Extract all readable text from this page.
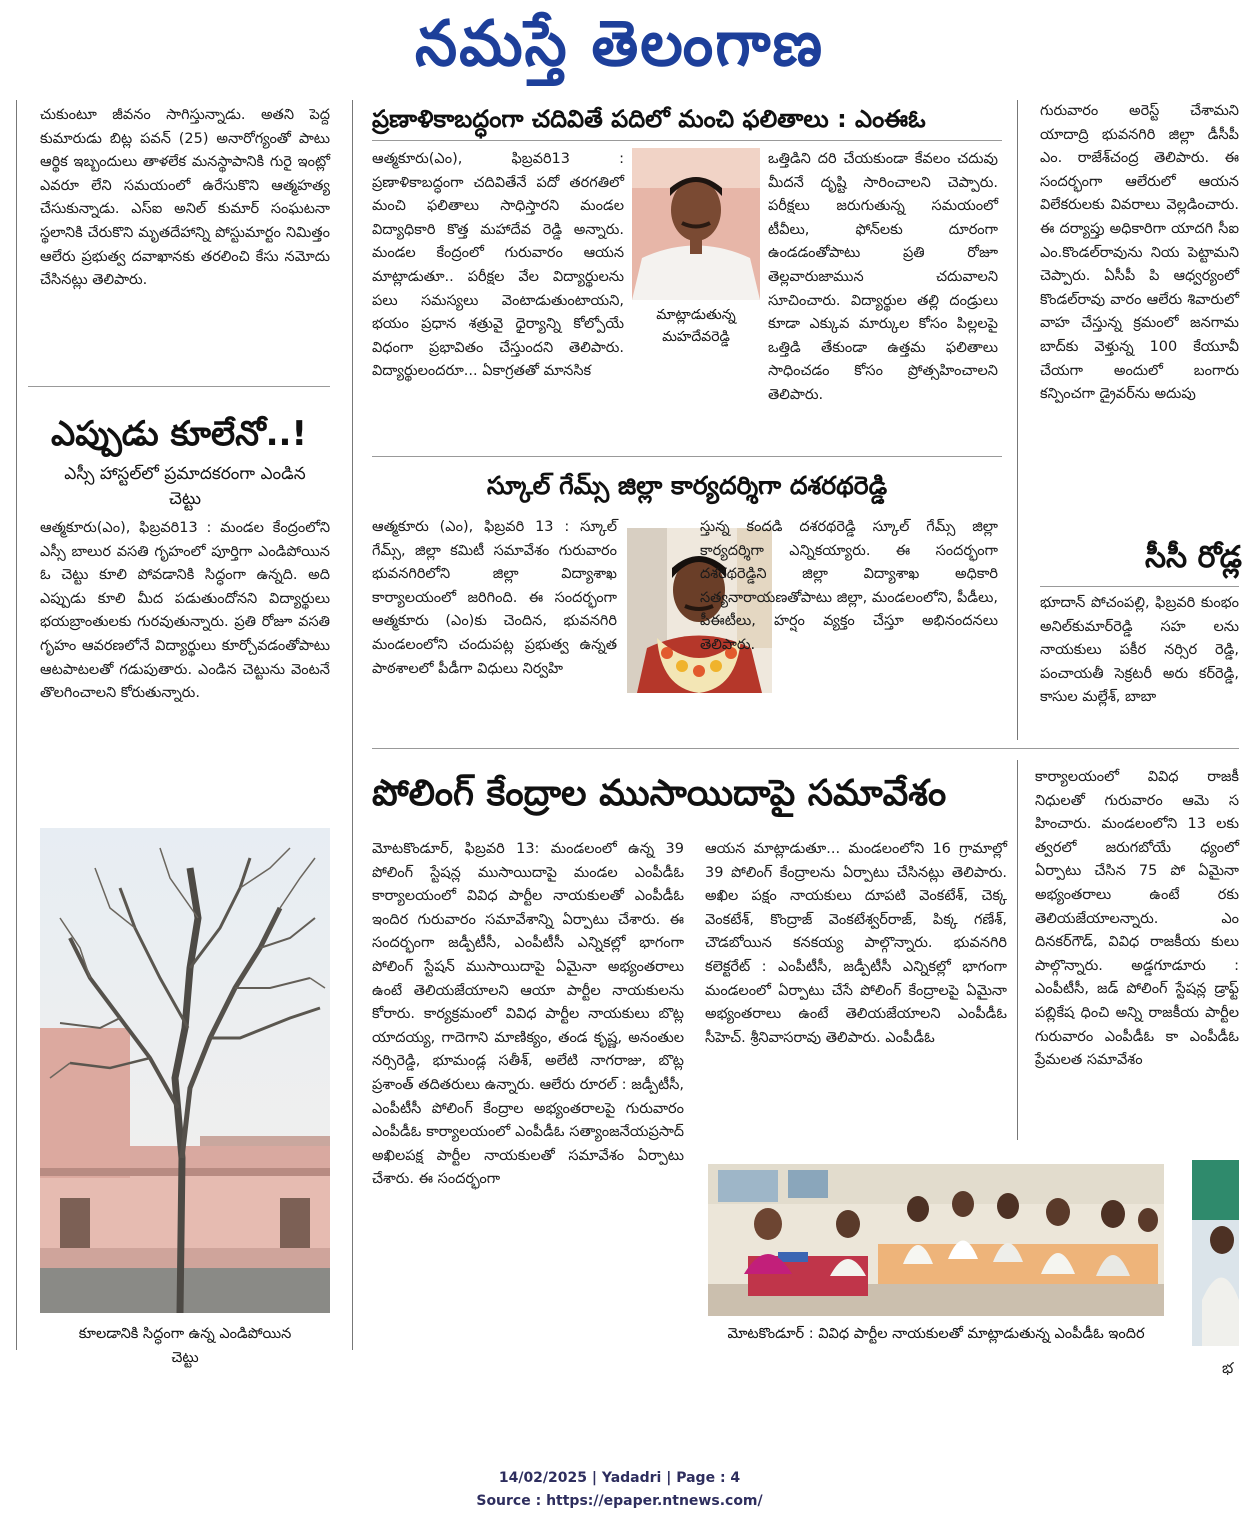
నమస్తే తెలంగాణ
చుకుంటూ జీవనం సాగిస్తున్నాడు. అతని పెద్ద కుమారుడు బిట్ల పవన్ (25) అనారోగ్యంతో పాటు ఆర్థిక ఇబ్బందులు తాళలేక మనస్థాపానికి గురై ఇంట్లో ఎవరూ లేని సమయంలో ఉరేసుకొని ఆత్మహత్య చేసుకున్నాడు. ఎస్ఐ అనిల్ కుమార్ సంఘటనా స్థలానికి చేరుకొని మృతదేహాన్ని పోస్టుమార్టం నిమిత్తం ఆలేరు ప్రభుత్వ దవాఖానకు తరలించి కేసు నమోదు చేసినట్లు తెలిపారు.
ఎప్పుడు కూలేనో..!
ఎస్సీ హాస్టల్‌లో ప్రమాదకరంగా ఎండిన చెట్టు
ఆత్మకూరు(ఎం), ఫిబ్రవరి13 : మండల కేంద్రంలోని ఎస్సీ బాలుర వసతి గృహంలో పూర్తిగా ఎండిపోయిన ఓ చెట్టు కూలి పోవడానికి సిద్ధంగా ఉన్నది. అది ఎప్పుడు కూలి మీద పడుతుందోనని విద్యార్థులు భయబ్రాంతులకు గురవుతున్నారు. ప్రతి రోజూ వసతి గృహం ఆవరణలోనే విద్యార్థులు కూర్చోవడంతోపాటు ఆటపాటలతో గడుపుతారు. ఎండిన చెట్టును వెంటనే తొలగించాలని కోరుతున్నారు.
కూలడానికి సిద్ధంగా ఉన్న ఎండిపోయిన చెట్టు
ప్రణాళికాబద్ధంగా చదివితే పదిలో మంచి ఫలితాలు : ఎంఈఓ
ఆత్మకూరు(ఎం), ఫిబ్రవరి13 : ప్రణాళికాబద్ధంగా చదివితేనే పదో తరగతిలో మంచి ఫలితాలు సాధిస్తారని మండల విద్యాధికారి కొత్త మహాదేవ రెడ్డి అన్నారు. మండల కేంద్రంలో గురువారం ఆయన మాట్లాడుతూ.. పరీక్షల వేల విద్యార్థులను పలు సమస్యలు వెంటాడుతుంటాయని, భయం ప్రధాన శత్రువై ధైర్యాన్ని కోల్పోయే విధంగా ప్రభావితం చేస్తుందని తెలిపారు. విద్యార్థులందరూ... ఏకాగ్రతతో మానసిక
ఒత్తిడిని దరి చేయకుండా కేవలం చదువు మీదనే దృష్టి సారించాలని చెప్పారు. పరీక్షలు జరుగుతున్న సమయంలో టీవీలు, ఫోన్‌లకు దూరంగా ఉండడంతోపాటు ప్రతి రోజూ తెల్లవారుజామున చదువాలని సూచించారు. విద్యార్థుల తల్లి దండ్రులు కూడా ఎక్కువ మార్కుల కోసం పిల్లలపై ఒత్తిడి తేకుండా ఉత్తమ ఫలితాలు సాధించడం కోసం ప్రోత్సహించాలని తెలిపారు.
మాట్లాడుతున్న మహదేవరెడ్డి
స్కూల్ గేమ్స్ జిల్లా కార్యదర్శిగా దశరథరెడ్డి
ఆత్మకూరు (ఎం), ఫిబ్రవరి 13 : స్కూల్ గేమ్స్, జిల్లా కమిటీ సమావేశం గురువారం భువనగిరిలోని జిల్లా విద్యాశాఖ కార్యాలయంలో జరిగింది. ఈ సందర్భంగా ఆత్మకూరు (ఎం)కు చెందిన, భువనగిరి మండలంలోని చందుపట్ల ప్రభుత్వ ఉన్నత పాఠశాలలో పీడీగా విధులు నిర్వహి
స్తున్న కందడి దశరథరెడ్డి స్కూల్ గేమ్స్ జిల్లా కార్యదర్శిగా ఎన్నికయ్యారు. ఈ సందర్భంగా దశరథరెడ్డిని జిల్లా విద్యాశాఖ అధికారి సత్యనారాయణతోపాటు జిల్లా, మండలంలోని, పీడీలు, పీఈటీలు, హర్షం వ్యక్తం చేస్తూ అభినందనలు తెలిపారు.
గురువారం అరెస్ట్ చేశామని యాదాద్రి భువనగిరి జిల్లా డీసీపీ ఎం. రాజేశ్‌చంద్ర తెలిపారు. ఈ సందర్భంగా ఆలేరులో ఆయన విలేకరులకు వివరాలు వెల్లడించారు. ఈ దర్యాప్తు అధికారిగా యాదగి సీఐ ఎం.కొండల్‌రావును నియ పెట్టామని చెప్పారు. ఏసీపీ పి ఆధ్వర్యంలో కొండల్‌రావు వారం ఆలేరు శివారులో వాహ చేస్తున్న క్రమంలో జనగామ బాద్‌కు వెళ్తున్న 100 కేయూవీ చేయగా అందులో బంగారు కన్పించగా డ్రైవర్‌ను అదుపు
సీసీ రోడ్ల
భూదాన్ పోచంపల్లి, ఫిబ్రవరి కుంభం అనిల్‌కుమార్‌రెడ్డి సహ లను నాయకులు పకీర నర్సిర రెడ్డి, పంచాయతీ సెక్రటరీ అరు కర్‌రెడ్డి, కాసుల మల్లేశ్, బాబా
పోలింగ్ కేంద్రాల ముసాయిదాపై సమావేశం
మోటకొండూర్, ఫిబ్రవరి 13: మండలంలో ఉన్న 39 పోలింగ్ స్టేషన్ల ముసాయిదాపై మండల ఎంపీడీఓ కార్యాలయంలో వివిధ పార్టీల నాయకులతో ఎంపీడీఓ ఇందిర గురువారం సమావేశాన్ని ఏర్పాటు చేశారు. ఈ సందర్భంగా జడ్పీటీసీ, ఎంపీటీసీ ఎన్నికల్లో భాగంగా పోలింగ్ స్టేషన్ ముసాయిదాపై ఏమైనా అభ్యంతరాలు ఉంటే తెలియజేయాలని ఆయా పార్టీల నాయకులను కోరారు. కార్యక్రమంలో వివిధ పార్టీల నాయకులు బొట్ల యాదయ్య, గాదెగాని మాణిక్యం, తండ కృష్ణ, అనంతుల నర్సిరెడ్డి, భూమండ్ల సతీశ్, అలేటి నాగరాజు, బొట్ల ప్రశాంత్ తదితరులు ఉన్నారు. ఆలేరు రూరల్ : జడ్పీటీసీ, ఎంపీటీసీ పోలింగ్ కేంద్రాల అభ్యంతరాలపై గురువారం ఎంపీడీఓ కార్యాలయంలో ఎంపీడీఓ సత్యాంజనేయప్రసాద్ అఖిలపక్ష పార్టీల నాయకులతో సమావేశం ఏర్పాటు చేశారు. ఈ సందర్భంగా
ఆయన మాట్లాడుతూ... మండలంలోని 16 గ్రామాల్లో 39 పోలింగ్ కేంద్రాలను ఏర్పాటు చేసినట్లు తెలిపారు. అఖిల పక్షం నాయకులు దూపటి వెంకటేశ్, చెక్క వెంకటేశ్, కొంద్రాజ్ వెంకటేశ్వర్‌రాజ్, పిక్క గణేశ్, చౌడబోయిన కనకయ్య పాల్గొన్నారు. భువనగిరి కలెక్టరేట్ : ఎంపీటీసీ, జడ్పీటీసీ ఎన్నికల్లో భాగంగా మండలంలో ఏర్పాటు చేసే పోలింగ్ కేంద్రాలపై ఏమైనా అభ్యంతరాలు ఉంటే తెలియజేయాలని ఎంపీడీఓ సీహెచ్. శ్రీనివాసరావు తెలిపారు. ఎంపీడీఓ
కార్యాలయంలో వివిధ రాజకీ నిధులతో గురువారం ఆమె స హించారు. మండలంలోని 13 లకు త్వరలో జరుగబోయే ధ్యంలో ఏర్పాటు చేసిన 75 పో ఏమైనా అభ్యంతరాలు ఉంటే రకు తెలియజేయాలన్నారు. ఎం దినకర్‌గౌడ్, వివిధ రాజకీయ కులు పాల్గొన్నారు. అడ్డగూడూరు : ఎంపీటీసీ, జడ్ పోలింగ్ స్టేషన్ల డ్రాఫ్ట్ పబ్లికేష ధించి అన్ని రాజకీయ పార్టీల గురువారం ఎంపీడీఓ కా ఎంపీడీఓ ప్రేమలత సమావేశం
మోటకొండూర్ : వివిధ పార్టీల నాయకులతో మాట్లాడుతున్న ఎంపీడీఓ ఇందిర
భ
14/02/2025 | Yadadri | Page : 4
Source : https://epaper.ntnews.com/
